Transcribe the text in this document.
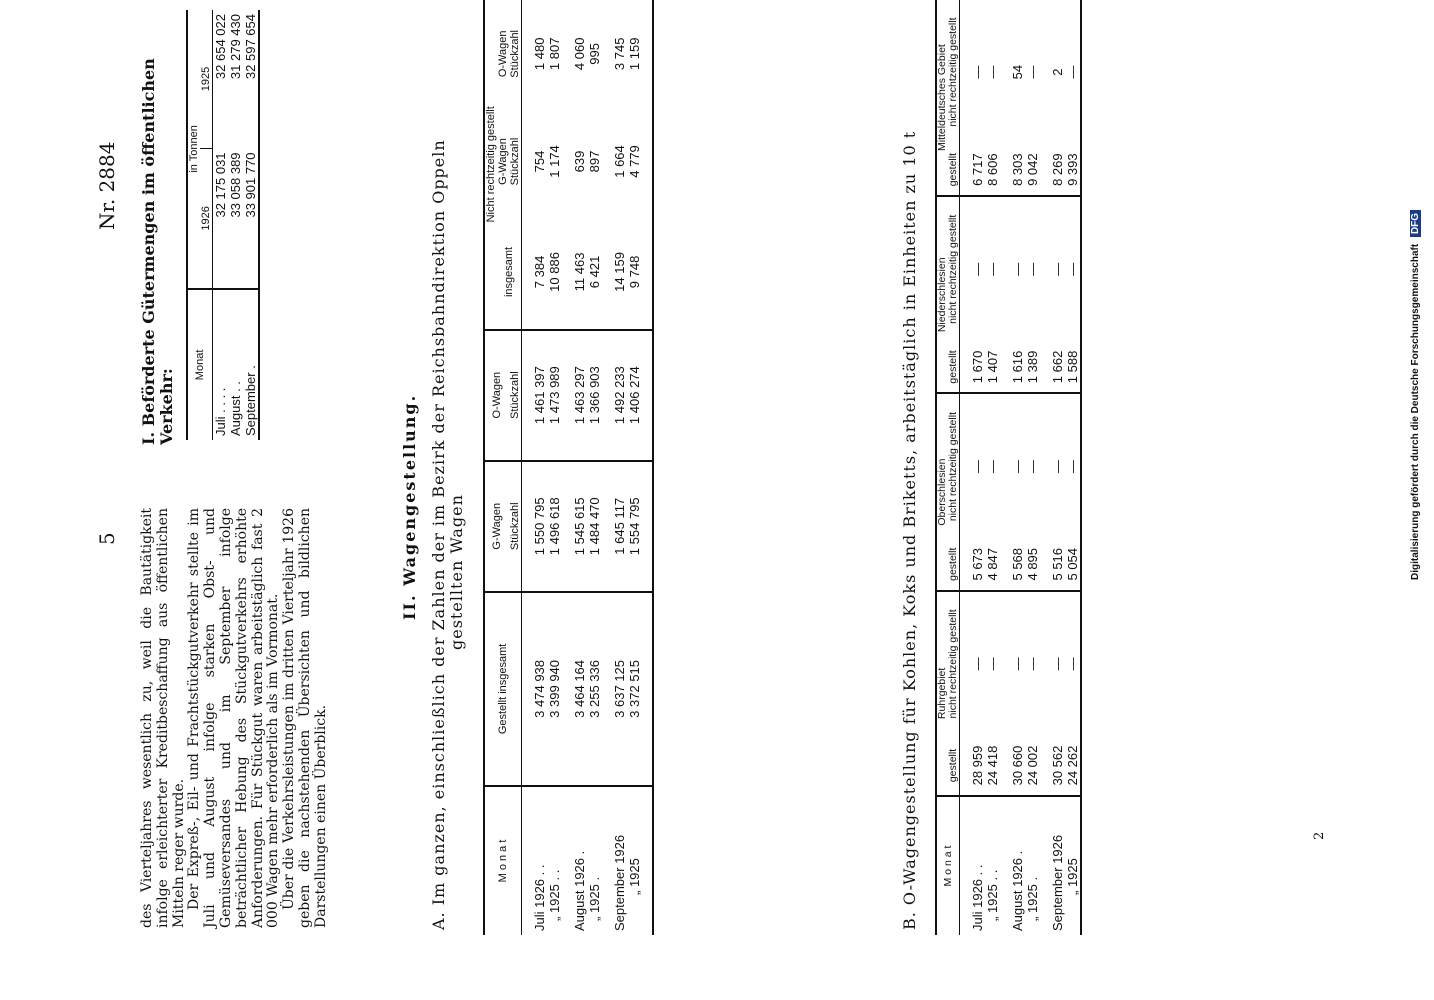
5
Nr. 2884

des Vierteljahres wesentlich zu, weil die Bautätigkeit infolge erleichterter Kreditbeschaffung aus öffentlichen Mitteln reger wurde. Der Expreß-, Eil- und Frachtstückgutverkehr stellte im Juli und August infolge starken Obst- und Gemüseversandes und im September infolge beträchtlicher Hebung des Stückgutverkehrs erhöhte Anforderungen. Für Stückgut waren arbeitstäglich fast 2 000 Wagen mehr erforderlich als im Vormonat. Über die Verkehrsleistungen im dritten Vierteljahr 1926 geben die nachstehenden Übersichten und bildlichen Darstellungen einen Überblick.

I. Beförderte Gütermengen im öffentlichen Verkehr:
Monat	in Tonnen	
	1926	1925
Juli . . . .	32 175 031	32 654 022
August . .	33 058 389	31 279 430
September .	33 901 770	32 597 654
II. Wagengestellung. A. Im ganzen, einschließlich der Zahlen der im Bezirk der Reichsbahndirektion Oppeln gestellten Wagen
M o n a t	Gestellt insgesamt	G-Wagen	O-Wagen	Nicht rechtzeitig gestellt		
				insgesamt	G-Wagen	O-Wagen
		Stückzahl	Stückzahl		Stückzahl	Stückzahl

Juli 1926 . .	3 474 938	1 550 795	1 461 397	7 384	754	1 480
„ 1925 . .	3 399 940	1 496 618	1 473 989	10 886	1 174	1 807

August 1926 .	3 464 164	1 545 615	1 463 297	11 463	639	4 060
„ 1925 .	3 255 336	1 484 470	1 366 903	6 421	897	995

September 1926	3 637 125	1 645 117	1 492 233	14 159	1 664	3 745
„ 1925	3 372 515	1 554 795	1 406 274	9 748	4 779	1 159

B. O-Wagengestellung für Kohlen, Koks und Briketts, arbeitstäglich in Einheiten zu 10 t M o n a t	Ruhrgebiet		Oberschlesien		Niederschlesien		Mitteldeutsches Gebiet	
	gestellt	nicht rechtzeitig gestellt	gestellt	nicht rechtzeitig gestellt	gestellt	nicht rechtzeitig gestellt	gestellt	nicht rechtzeitig gestellt

Juli 1926 . .	28 959	—	5 673	—	1 670	—	6 717	—
„ 1925 . .	24 418	—	4 847	—	1 407	—	8 606	—

August 1926 .	30 660	—	5 568	—	1 616	—	8 303	54
„ 1925 .	24 002	—	4 895	—	1 389	—	9 042	—

September 1926	30 562	—	5 516	—	1 662	—	8 269	2
„ 1925	24 262	—	5 054	—	1 588	—	9 393	—
2
Digitalisierung gefördert durch die Deutsche Forschungsgemeinschaft DFG
